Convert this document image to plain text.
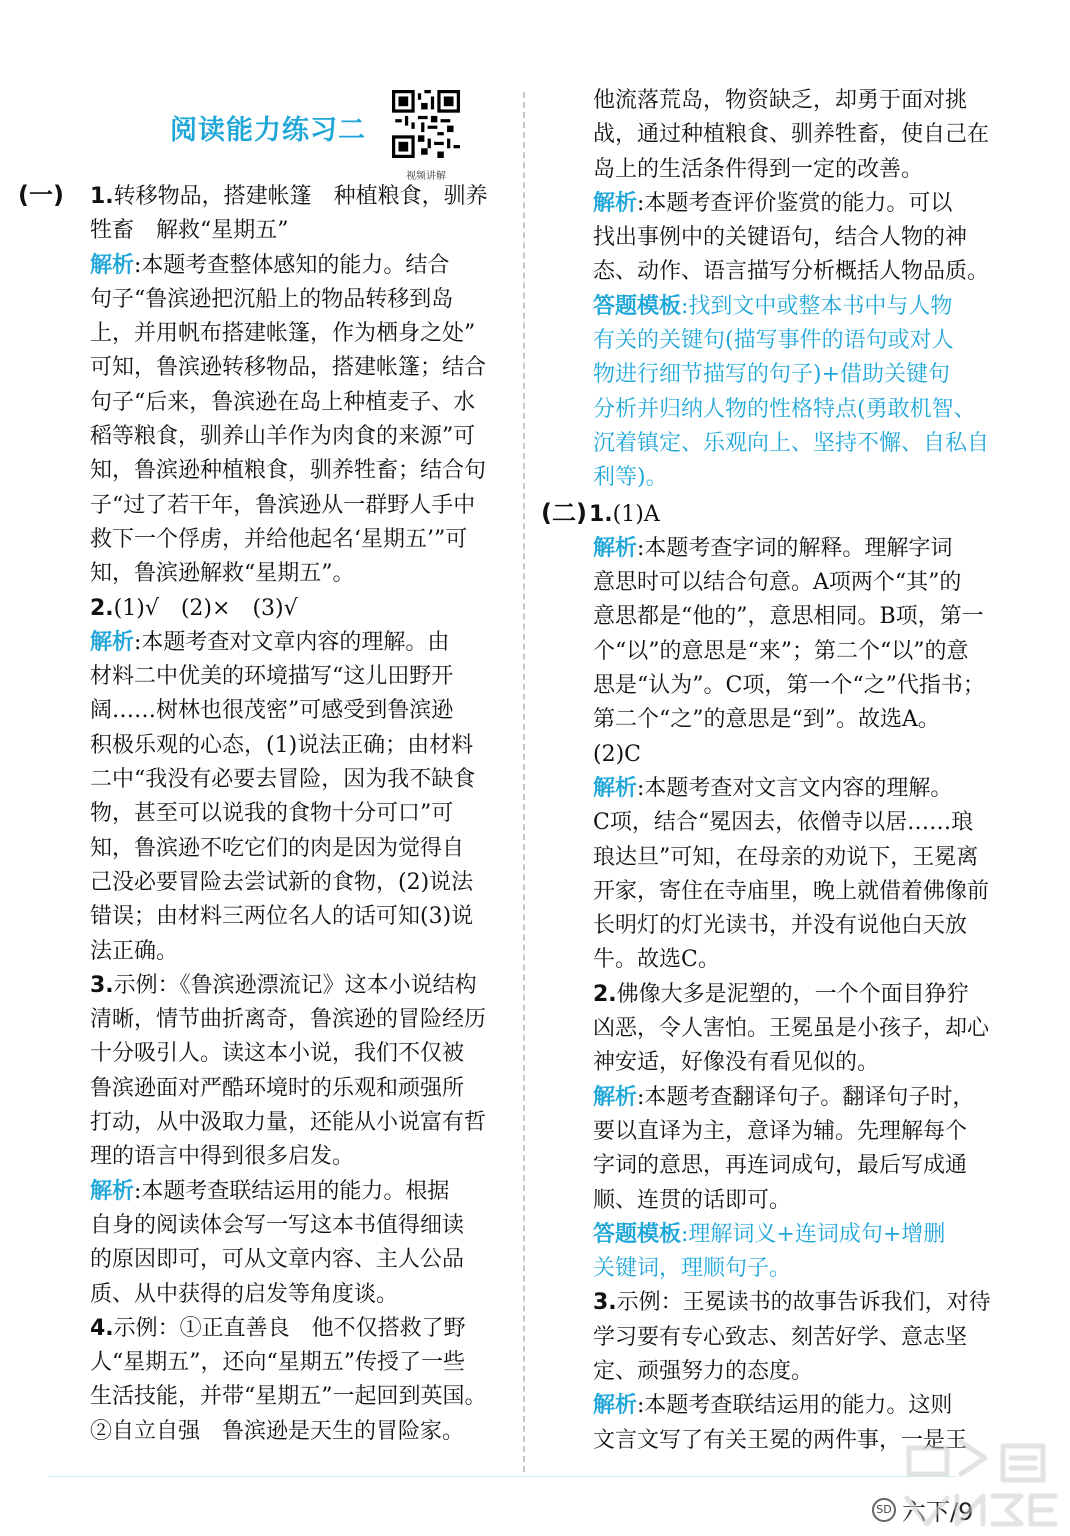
阅读能力练习二
视频讲解

(一) 1.转移物品，搭建帐篷　种植粮食，驯养

牲畜　解救“星期五”

解析:本题考查整体感知的能力。结合

句子“鲁滨逊把沉船上的物品转移到岛

上，并用帆布搭建帐篷，作为栖身之处”

可知，鲁滨逊转移物品，搭建帐篷；结合

句子“后来，鲁滨逊在岛上种植麦子、水

稻等粮食，驯养山羊作为肉食的来源”可

知，鲁滨逊种植粮食，驯养牲畜；结合句

子“过了若干年，鲁滨逊从一群野人手中

救下一个俘虏，并给他起名‘星期五’”可

知，鲁滨逊解救“星期五”。

2.(1)√　(2)×　(3)√

解析:本题考查对文章内容的理解。由

材料二中优美的环境描写“这儿田野开

阔……树林也很茂密”可感受到鲁滨逊

积极乐观的心态，(1)说法正确；由材料

二中“我没有必要去冒险，因为我不缺食

物，甚至可以说我的食物十分可口”可

知，鲁滨逊不吃它们的肉是因为觉得自

己没必要冒险去尝试新的食物，(2)说法

错误；由材料三两位名人的话可知(3)说

法正确。

3.示例：《鲁滨逊漂流记》这本小说结构

清晰，情节曲折离奇，鲁滨逊的冒险经历

十分吸引人。读这本小说，我们不仅被

鲁滨逊面对严酷环境时的乐观和顽强所

打动，从中汲取力量，还能从小说富有哲

理的语言中得到很多启发。

解析:本题考查联结运用的能力。根据

自身的阅读体会写一写这本书值得细读

的原因即可，可从文章内容、主人公品

质、从中获得的启发等角度谈。

4.示例：①正直善良　他不仅搭救了野

人“星期五”，还向“星期五”传授了一些

生活技能，并带“星期五”一起回到英国。

②自立自强　鲁滨逊是天生的冒险家。

他流落荒岛，物资缺乏，却勇于面对挑

战，通过种植粮食、驯养牲畜，使自己在

岛上的生活条件得到一定的改善。

解析:本题考查评价鉴赏的能力。可以

找出事例中的关键语句，结合人物的神

态、动作、语言描写分析概括人物品质。

答题模板:找到文中或整本书中与人物

有关的关键句(描写事件的语句或对人

物进行细节描写的句子)+借助关键句

分析并归纳人物的性格特点(勇敢机智、

沉着镇定、乐观向上、坚持不懈、自私自

利等)。

(二)1.(1)A

解析:本题考查字词的解释。理解字词

意思时可以结合句意。A项两个“其”的

意思都是“他的”，意思相同。B项，第一

个“以”的意思是“来”；第二个“以”的意

思是“认为”。C项，第一个“之”代指书；

第二个“之”的意思是“到”。故选A。

(2)C

解析:本题考查对文言文内容的理解。

C项，结合“冕因去，依僧寺以居……琅

琅达旦”可知，在母亲的劝说下，王冕离

开家，寄住在寺庙里，晚上就借着佛像前

长明灯的灯光读书，并没有说他白天放

牛。故选C。

2.佛像大多是泥塑的，一个个面目狰狞

凶恶，令人害怕。王冕虽是小孩子，却心

神安适，好像没有看见似的。

解析:本题考查翻译句子。翻译句子时，

要以直译为主，意译为辅。先理解每个

字词的意思，再连词成句，最后写成通

顺、连贯的话即可。

答题模板:理解词义+连词成句+增删

关键词，理顺句子。

3.示例：王冕读书的故事告诉我们，对待

学习要有专心致志、刻苦好学、意志坚

定、顽强努力的态度。

解析:本题考查联结运用的能力。这则

文言文写了有关王冕的两件事，一是王

SD 六下/9
